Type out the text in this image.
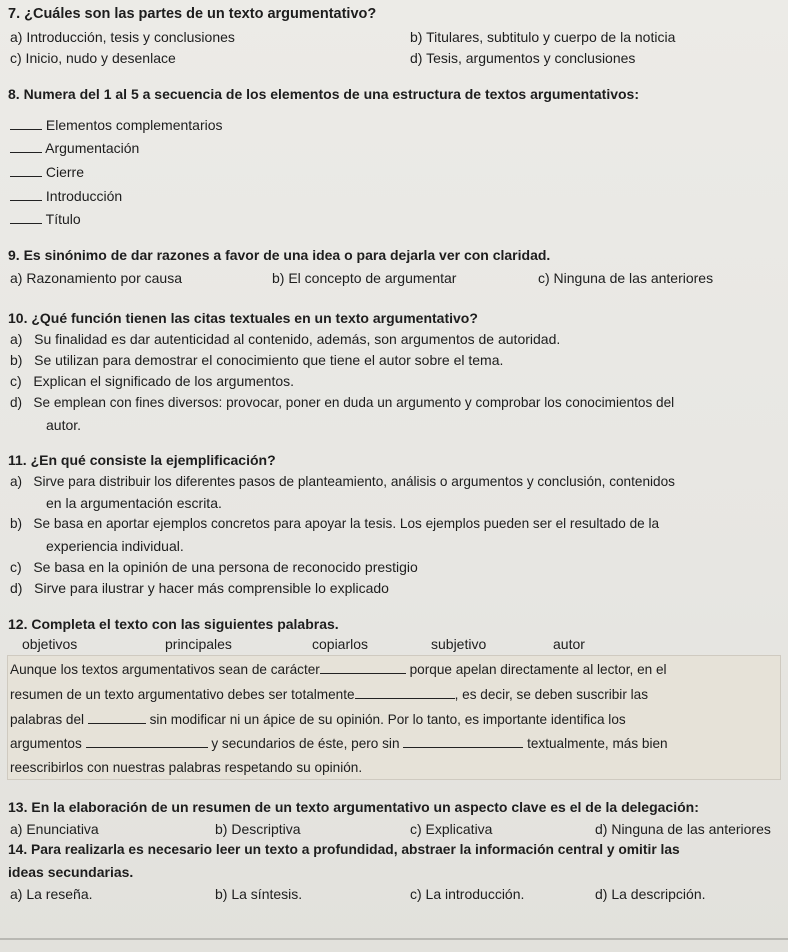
7. ¿Cuáles son las partes de un texto argumentativo?
a) Introducción, tesis y conclusiones	b) Titulares, subtitulo y cuerpo de la noticia
c) Inicio, nudo y desenlace	d) Tesis, argumentos y conclusiones
8. Numera del 1 al 5 a secuencia de los elementos de una estructura de textos argumentativos:
Elementos complementarios
Argumentación
Cierre
Introducción
Título
9. Es sinónimo de dar razones a favor de una idea o para dejarla ver con claridad.
a) Razonamiento por causa	b) El concepto de argumentar	c) Ninguna de las anteriores
10. ¿Qué función tienen las citas textuales en un texto argumentativo?
a)   Su finalidad es dar autenticidad al contenido, además, son argumentos de autoridad.
b)   Se utilizan para demostrar el conocimiento que tiene el autor sobre el tema.
c)   Explican el significado de los argumentos.
d)   Se emplean con fines diversos: provocar, poner en duda un argumento y comprobar los conocimientos del
autor.
11. ¿En qué consiste la ejemplificación?
a)   Sirve para distribuir los diferentes pasos de planteamiento, análisis o argumentos y conclusión, contenidos
en la argumentación escrita.
b)   Se basa en aportar ejemplos concretos para apoyar la tesis. Los ejemplos pueden ser el resultado de la
experiencia individual.
c)   Se basa en la opinión de una persona de reconocido prestigio
d)   Sirve para ilustrar y hacer más comprensible lo explicado
12. Completa el texto con las siguientes palabras.
objetivos	principales	copiarlos	subjetivo	autor
Aunque los textos argumentativos sean de carácter	porque apelan directamente al lector, en el
resumen de un texto argumentativo debes ser totalmente	, es decir, se deben suscribir las
palabras del	sin modificar ni un ápice de su opinión. Por lo tanto, es importante identifica los
argumentos	y secundarios de éste, pero sin	textualmente, más bien
reescribirlos con nuestras palabras respetando su opinión.
13. En la elaboración de un resumen de un texto argumentativo un aspecto clave es el de la delegación:
a) Enunciativa	b) Descriptiva	c) Explicativa	d) Ninguna de las anteriores
14. Para realizarla es necesario leer un texto a profundidad, abstraer la información central y omitir las
ideas secundarias.
a) La reseña.	b) La síntesis.	c) La introducción.	d) La descripción.
